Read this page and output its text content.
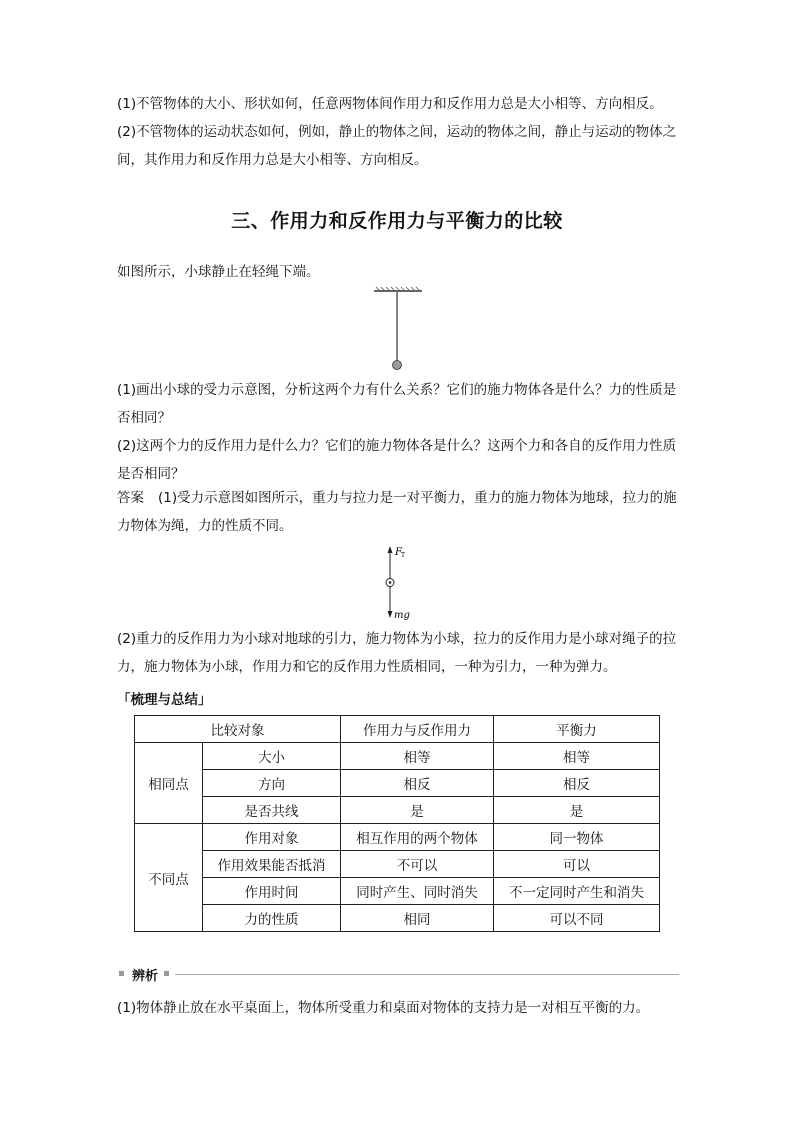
(1)不管物体的大小、形状如何，任意两物体间作用力和反作用力总是大小相等、方向相反。

(2)不管物体的运动状态如何，例如，静止的物体之间，运动的物体之间，静止与运动的物体之间，其作用力和反作用力总是大小相等、方向相反。

三、作用力和反作用力与平衡力的比较

如图所示，小球静止在轻绳下端。

(1)画出小球的受力示意图，分析这两个力有什么关系？它们的施力物体各是什么？力的性质是否相同？

(2)这两个力的反作用力是什么力？它们的施力物体各是什么？这两个力和各自的反作用力性质是否相同？

答案 (1)受力示意图如图所示，重力与拉力是一对平衡力，重力的施力物体为地球，拉力的施力物体为绳，力的性质不同。

F T
mg

(2)重力的反作用力为小球对地球的引力，施力物体为小球，拉力的反作用力是小球对绳子的拉力，施力物体为小球，作用力和它的反作用力性质相同，一种为引力，一种为弹力。

「梳理与总结」
比较对象		作用力与反作用力	平衡力
相同点	大小	相等	相等
	方向	相反	相反
	是否共线	是	是
不同点	作用对象	相互作用的两个物体	同一物体
	作用效果能否抵消	不可以	可以
	作用时间	同时产生、同时消失	不一定同时产生和消失
	力的性质	相同	可以不同
辨析

(1)物体静止放在水平桌面上，物体所受重力和桌面对物体的支持力是一对相互平衡的力。
